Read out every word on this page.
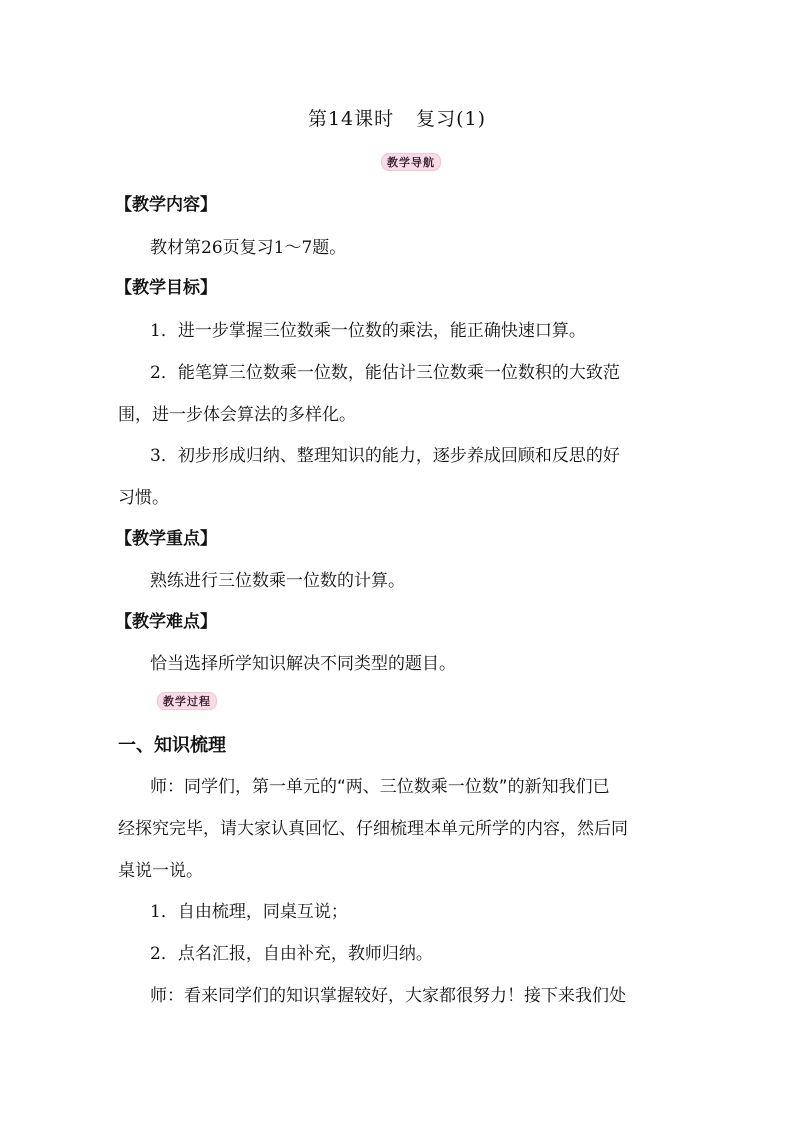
第14课时 复习(1)
教学导航
【教学内容】
教材第26页复习1～7题。
【教学目标】
1．进一步掌握三位数乘一位数的乘法，能正确快速口算。
2．能笔算三位数乘一位数，能估计三位数乘一位数积的大致范
围，进一步体会算法的多样化。
3．初步形成归纳、整理知识的能力，逐步养成回顾和反思的好
习惯。
【教学重点】
熟练进行三位数乘一位数的计算。
【教学难点】
恰当选择所学知识解决不同类型的题目。
教学过程
一、知识梳理
师：同学们，第一单元的“两、三位数乘一位数”的新知我们已
经探究完毕，请大家认真回忆、仔细梳理本单元所学的内容，然后同
桌说一说。
1．自由梳理，同桌互说；
2．点名汇报，自由补充，教师归纳。
师：看来同学们的知识掌握较好，大家都很努力！接下来我们处
